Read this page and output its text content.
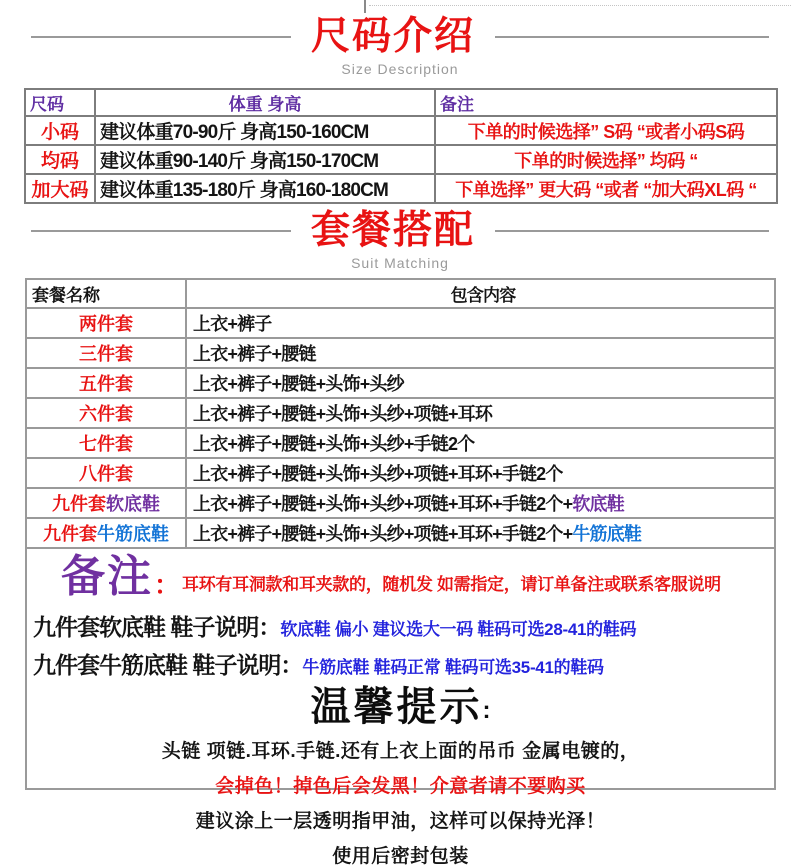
尺码介绍
Size Description
尺码	体重 身高	备注
小码	建议体重70-90斤 身高150-160CM	下单的时候选择” S码 “或者小码S码
均码	建议体重90-140斤 身高150-170CM	下单的时候选择” 均码 “
加大码	建议体重135-180斤 身高160-180CM	下单选择” 更大码 “或者 “加大码XL码 “
套餐搭配
Suit Matching
套餐名称	包含内容
两件套	上衣+裤子
三件套	上衣+裤子+腰链
五件套	上衣+裤子+腰链+头饰+头纱
六件套	上衣+裤子+腰链+头饰+头纱+项链+耳环
七件套	上衣+裤子+腰链+头饰+头纱+手链2个
八件套	上衣+裤子+腰链+头饰+头纱+项链+耳环+手链2个
九件套软底鞋	上衣+裤子+腰链+头饰+头纱+项链+耳环+手链2个+软底鞋
九件套牛筋底鞋	上衣+裤子+腰链+头饰+头纱+项链+耳环+手链2个+牛筋底鞋
备注 ： 耳环有耳洞款和耳夹款的，随机发 如需指定，请订单备注或联系客服说明
九件套软底鞋 鞋子说明： 软底鞋 偏小 建议选大一码 鞋码可选28-41的鞋码
九件套牛筋底鞋 鞋子说明： 牛筋底鞋 鞋码正常 鞋码可选35-41的鞋码
温馨提示 :
头链 项链.耳环.手链.还有上衣上面的吊币 金属电镀的，
会掉色！掉色后会发黑！介意者请不要购买
建议涂上一层透明指甲油，这样可以保持光泽！
使用后密封包装
